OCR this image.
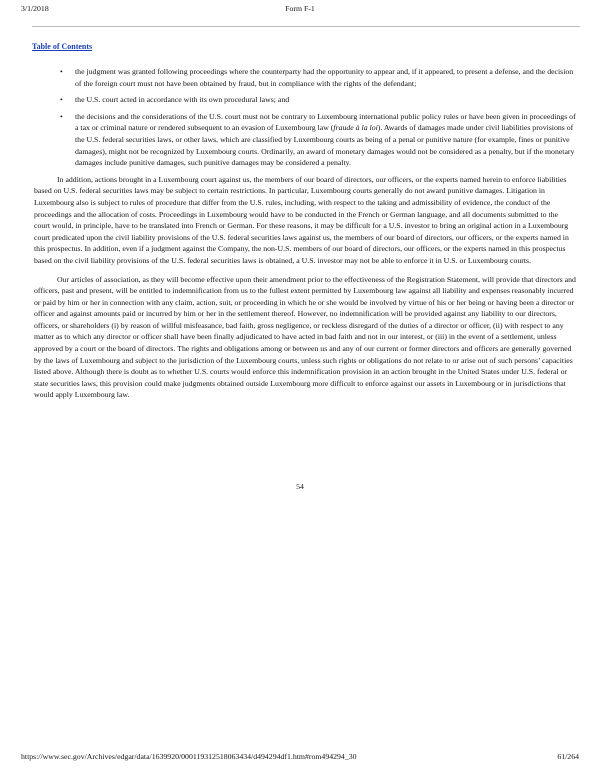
3/1/2018	Form F-1
Table of Contents
• the judgment was granted following proceedings where the counterparty had the opportunity to appear and, if it appeared, to present a defense, and the decision of the foreign court must not have been obtained by fraud, but in compliance with the rights of the defendant;
• the U.S. court acted in accordance with its own procedural laws; and
• the decisions and the considerations of the U.S. court must not be contrary to Luxembourg international public policy rules or have been given in proceedings of a tax or criminal nature or rendered subsequent to an evasion of Luxembourg law (fraude à la loi). Awards of damages made under civil liabilities provisions of the U.S. federal securities laws, or other laws, which are classified by Luxembourg courts as being of a penal or punitive nature (for example, fines or punitive damages), might not be recognized by Luxembourg courts. Ordinarily, an award of monetary damages would not be considered as a penalty, but if the monetary damages include punitive damages, such punitive damages may be considered a penalty.

In addition, actions brought in a Luxembourg court against us, the members of our board of directors, our officers, or the experts named herein to enforce liabilities based on U.S. federal securities laws may be subject to certain restrictions. In particular, Luxembourg courts generally do not award punitive damages. Litigation in Luxembourg also is subject to rules of procedure that differ from the U.S. rules, including, with respect to the taking and admissibility of evidence, the conduct of the proceedings and the allocation of costs. Proceedings in Luxembourg would have to be conducted in the French or German language, and all documents submitted to the court would, in principle, have to be translated into French or German. For these reasons, it may be difficult for a U.S. investor to bring an original action in a Luxembourg court predicated upon the civil liability provisions of the U.S. federal securities laws against us, the members of our board of directors, our officers, or the experts named in this prospectus. In addition, even if a judgment against the Company, the non-U.S. members of our board of directors, our officers, or the experts named in this prospectus based on the civil liability provisions of the U.S. federal securities laws is obtained, a U.S. investor may not be able to enforce it in U.S. or Luxembourg courts.

Our articles of association, as they will become effective upon their amendment prior to the effectiveness of the Registration Statement, will provide that directors and officers, past and present, will be entitled to indemnification from us to the fullest extent permitted by Luxembourg law against all liability and expenses reasonably incurred or paid by him or her in connection with any claim, action, suit, or proceeding in which he or she would be involved by virtue of his or her being or having been a director or officer and against amounts paid or incurred by him or her in the settlement thereof. However, no indemnification will be provided against any liability to our directors, officers, or shareholders (i) by reason of willful misfeasance, bad faith, gross negligence, or reckless disregard of the duties of a director or officer, (ii) with respect to any matter as to which any director or officer shall have been finally adjudicated to have acted in bad faith and not in our interest, or (iii) in the event of a settlement, unless approved by a court or the board of directors. The rights and obligations among or between us and any of our current or former directors and officers are generally governed by the laws of Luxembourg and subject to the jurisdiction of the Luxembourg courts, unless such rights or obligations do not relate to or arise out of such persons’ capacities listed above. Although there is doubt as to whether U.S. courts would enforce this indemnification provision in an action brought in the United States under U.S. federal or state securities laws, this provision could make judgments obtained outside Luxembourg more difficult to enforce against our assets in Luxembourg or in jurisdictions that would apply Luxembourg law.

54
https://www.sec.gov/Archives/edgar/data/1639920/000119312518063434/d494294df1.htm#rom494294_30	61/264
